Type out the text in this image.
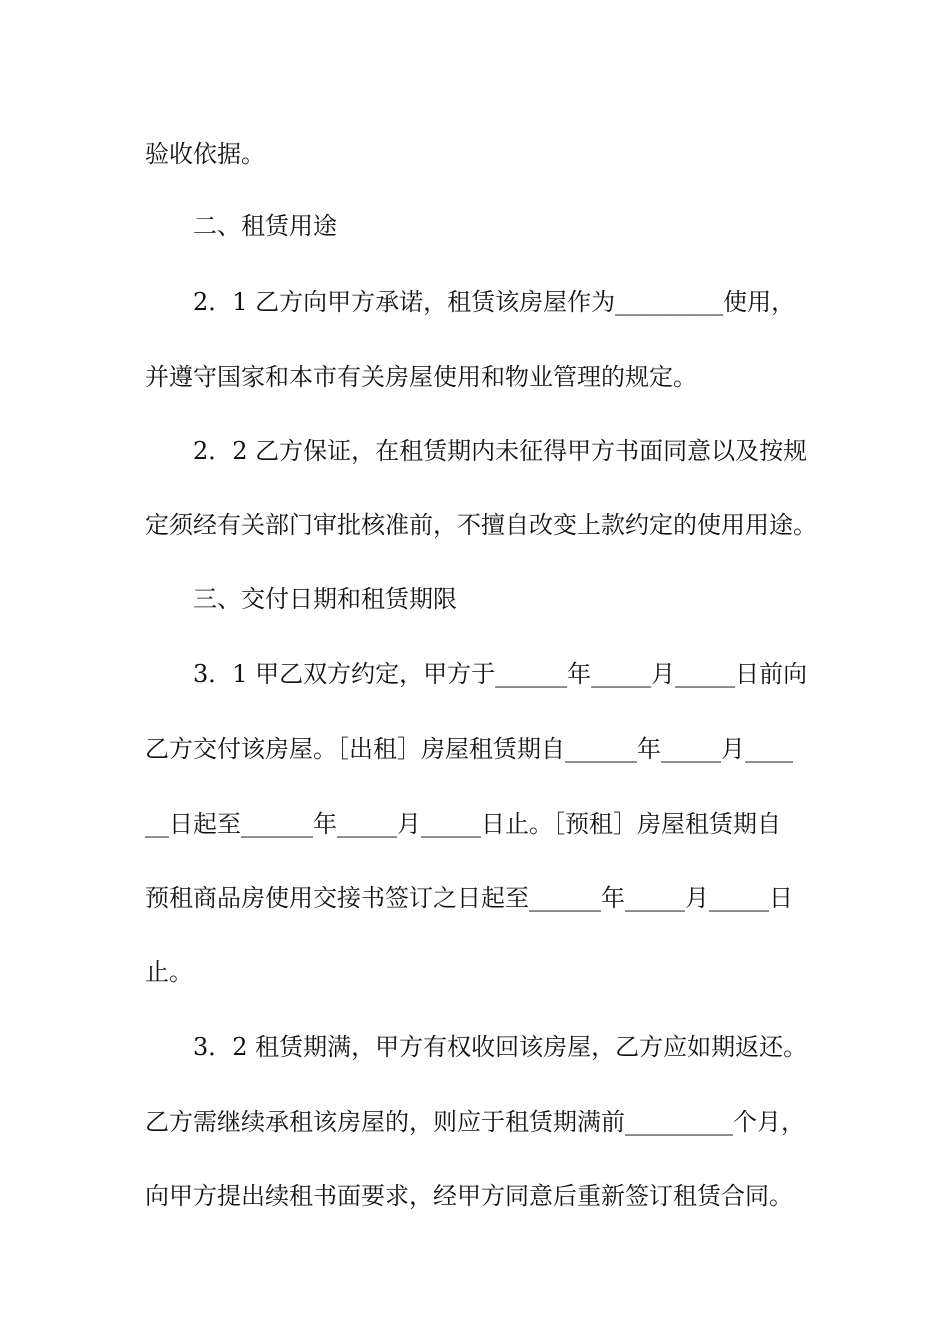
验收依据。
二、租赁用途
2．1 乙方向甲方承诺，租赁该房屋作为_________使用，
并遵守国家和本市有关房屋使用和物业管理的规定。
2．2 乙方保证，在租赁期内未征得甲方书面同意以及按规
定须经有关部门审批核准前，不擅自改变上款约定的使用用途。
三、交付日期和租赁期限
3．1 甲乙双方约定，甲方于______年_____月_____日前向
乙方交付该房屋。［出租］房屋租赁期自______年_____月____
__日起至______年_____月_____日止。［预租］房屋租赁期自
预租商品房使用交接书签订之日起至______年_____月_____日
止。
3．2 租赁期满，甲方有权收回该房屋，乙方应如期返还。
乙方需继续承租该房屋的，则应于租赁期满前_________个月，
向甲方提出续租书面要求，经甲方同意后重新签订租赁合同。
